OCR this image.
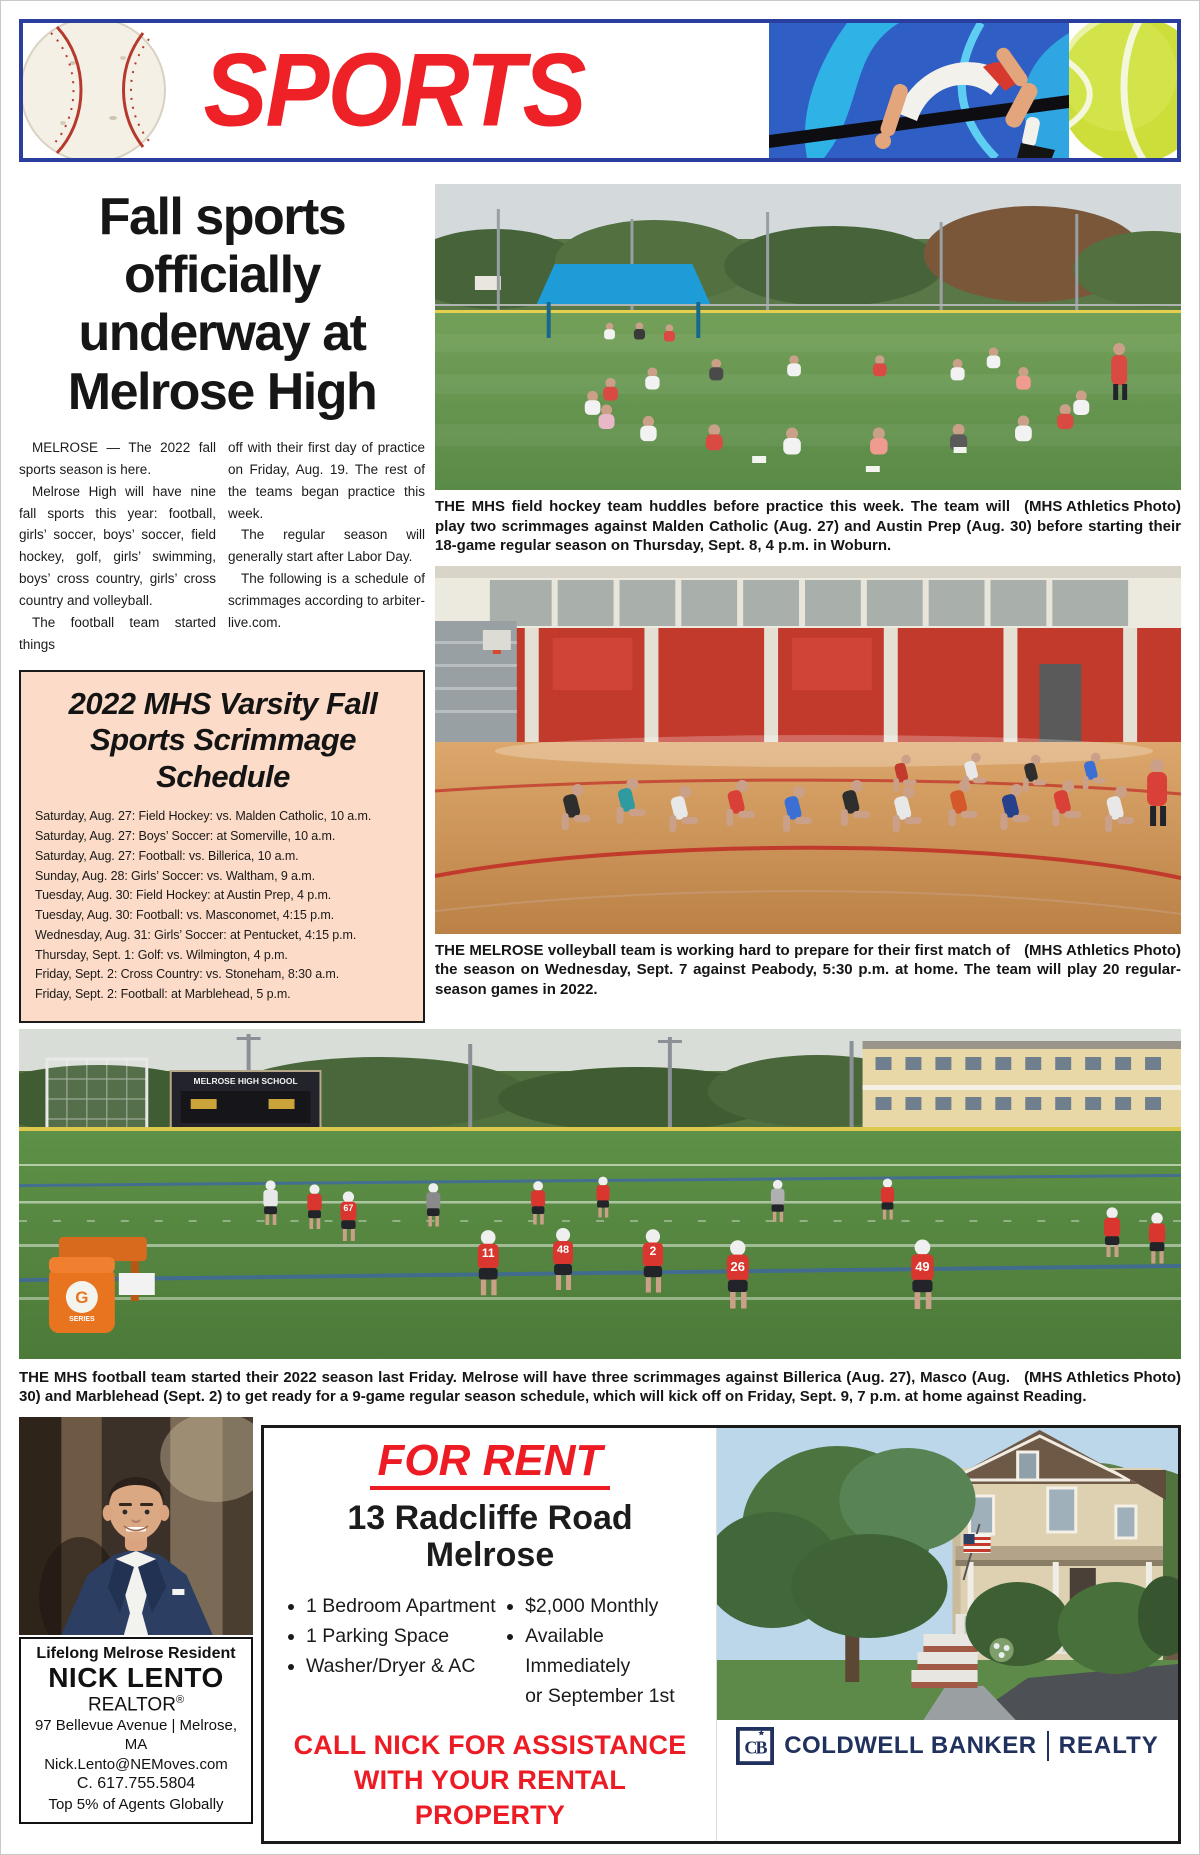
SPORTS
Fall sports
officially
underway at
Melrose High

MELROSE — The 2022 fall sports season is here.

Melrose High will have nine fall sports this year: football, girls’ soccer, boys’ soccer, field hockey, golf, girls’ swimming, boys’ cross country, girls’ cross country and volleyball.

The football team started things

off with their first day of practice on Friday, Aug. 19. The rest of the teams began practice this week.

The regular season will generally start after Labor Day.

The following is a schedule of scrimmages according to arbiter-live.com.

2022 MHS Varsity Fall
Sports Scrimmage Schedule
Saturday, Aug. 27: Field Hockey: vs. Malden Catholic, 10 a.m.
Saturday, Aug. 27: Boys’ Soccer: at Somerville, 10 a.m.
Saturday, Aug. 27: Football: vs. Billerica, 10 a.m.
Sunday, Aug. 28: Girls’ Soccer: vs. Waltham, 9 a.m.
Tuesday, Aug. 30: Field Hockey: at Austin Prep, 4 p.m.
Tuesday, Aug. 30: Football: vs. Masconomet, 4:15 p.m.
Wednesday, Aug. 31: Girls’ Soccer: at Pentucket, 4:15 p.m.
Thursday, Sept. 1: Golf: vs. Wilmington, 4 p.m.
Friday, Sept. 2: Cross Country: vs. Stoneham, 8:30 a.m.
Friday, Sept. 2: Football: at Marblehead, 5 p.m.
(MHS Athletics Photo)
THE MHS field hockey team huddles before practice this week. The team will play two scrimmages against Malden Catholic (Aug. 27) and Austin Prep (Aug. 30) before starting their 18-game regular season on Thursday, Sept. 8, 4 p.m. in Woburn.
(MHS Athletics Photo)
THE MELROSE volleyball team is working hard to prepare for their first match of the season on Wednesday, Sept. 7 against Peabody, 5:30 p.m. at home. The team will play 20 regular-season games in 2022.
MELROSE HIGH SCHOOL
G
SERIES
67
11	48	2
26	49
(MHS Athletics Photo)
THE MHS football team started their 2022 season last Friday. Melrose will have three scrimmages against Billerica (Aug. 27), Masco (Aug. 30) and Marblehead (Sept. 2) to get ready for a 9-game regular season schedule, which will kick off on Friday, Sept. 9, 7 p.m. at home against Reading.
Lifelong Melrose Resident
NICK LENTO
REALTOR®
97 Bellevue Avenue | Melrose, MA
Nick.Lento@NEMoves.com
C. 617.755.5804
Top 5% of Agents Globally
FOR RENT
13 Radcliffe Road
Melrose
• 1 Bedroom Apartment
• 1 Parking Space
• Washer/Dryer & AC
• $2,000 Monthly
• Available Immediately
or September 1st
CALL NICK FOR ASSISTANCE
WITH YOUR RENTAL PROPERTY
CB COLDWELL BANKER REALTY
